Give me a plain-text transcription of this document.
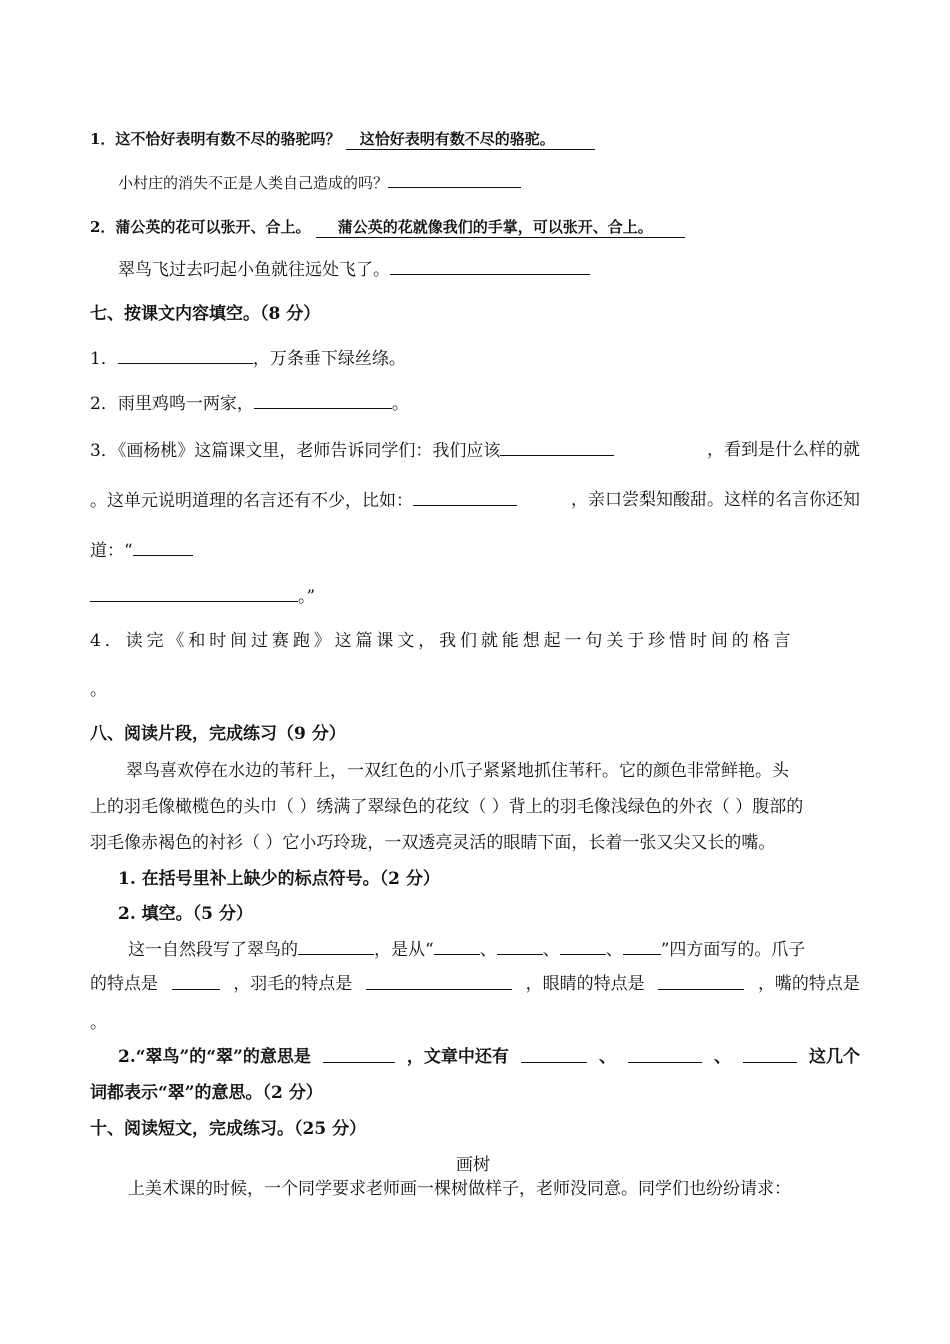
1．这不恰好表明有数不尽的骆驼吗？ 这恰好表明有数不尽的骆驼。
小村庄的消失不正是人类自己造成的吗？
2．蒲公英的花可以张开、合上。 蒲公英的花就像我们的手掌，可以张开、合上。
翠鸟飞过去叼起小鱼就往远处飞了。
七、按课文内容填空。（8 分）
1．	，万条垂下绿丝绦。
2．雨里鸡鸣一两家，	。
3．《画杨桃》这篇课文里，老师告诉同学们：我们应该	，看到是什么样的就
。这单元说明道理的名言还有不少，比如：	，亲口尝梨知酸甜。这样的名言你还知
道：“
。”
4．读完《和时间过赛跑》这篇课文，我们就能想起一句关于珍惜时间的格言
。
八、阅读片段，完成练习（9 分）
翠鸟喜欢停在水边的苇秆上，一双红色的小爪子紧紧地抓住苇秆。它的颜色非常鲜艳。头
上的羽毛像橄榄色的头巾（ ）绣满了翠绿色的花纹（ ）背上的羽毛像浅绿色的外衣（ ）腹部的
羽毛像赤褐色的衬衫（ ）它小巧玲珑，一双透亮灵活的眼睛下面，长着一张又尖又长的嘴。
1. 在括号里补上缺少的标点符号。（2 分）
2. 填空。（5 分）
这一自然段写了翠鸟的	，是从“	、	、	、 ”四方面写的。爪子
的特点是	，羽毛的特点是	，眼睛的特点是	，嘴的特点是
。
2.“翠鸟”的“翠”的意思是	，文章中还有	、	、	这几个
词都表示“翠”的意思。（2 分）
十、阅读短文，完成练习。（25 分）
画树
上美术课的时候，一个同学要求老师画一棵树做样子，老师没同意。同学们也纷纷请求：
